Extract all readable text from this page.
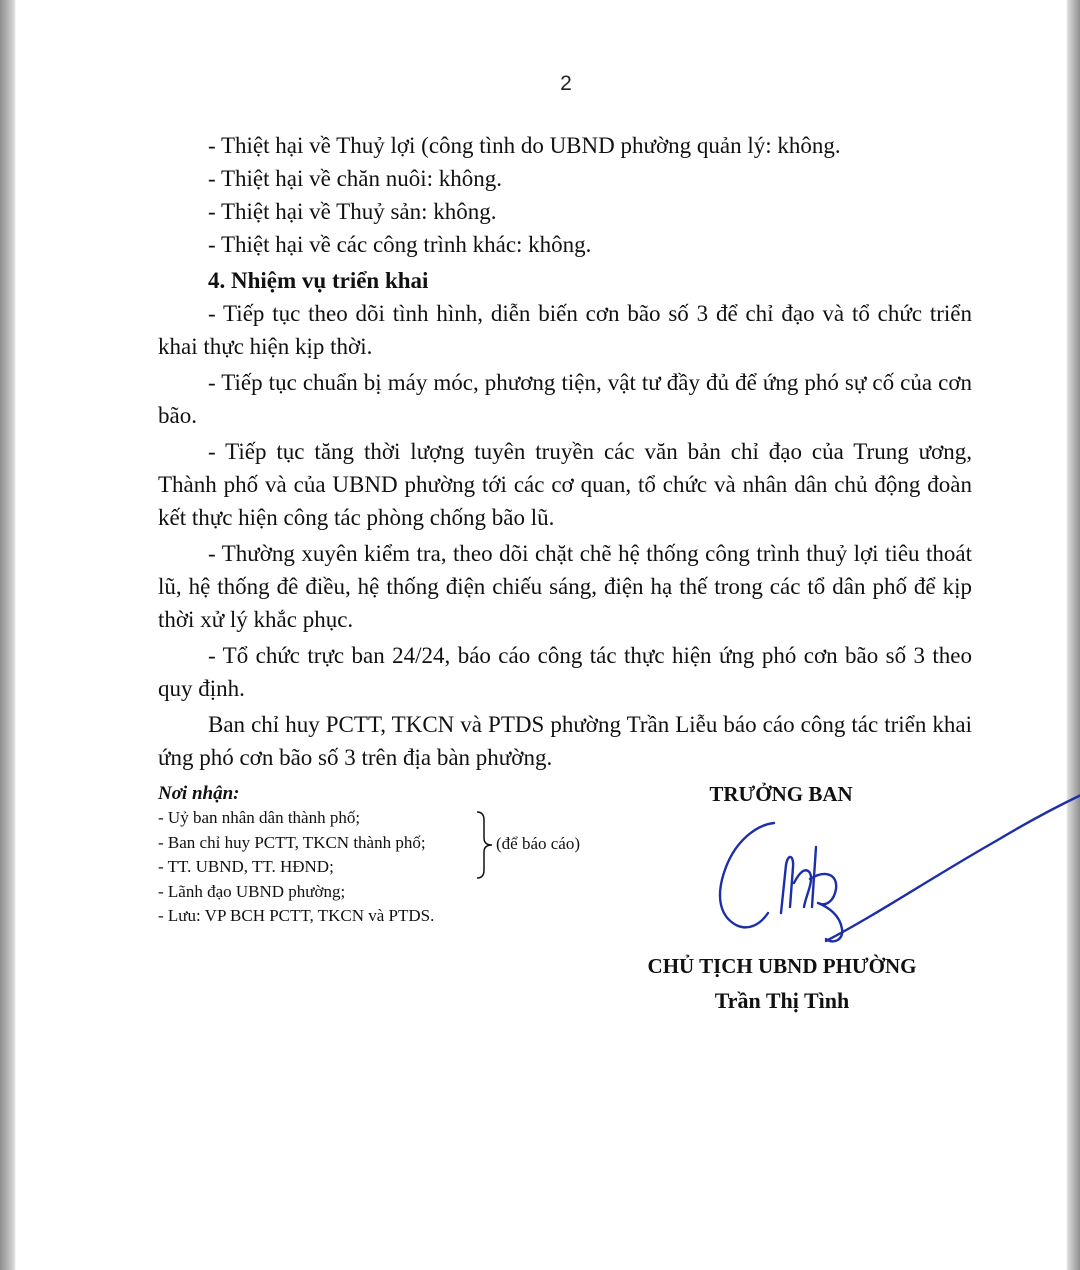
2

- Thiệt hại về Thuỷ lợi (công tình do UBND phường quản lý: không.

- Thiệt hại về chăn nuôi: không.

- Thiệt hại về Thuỷ sản: không.

- Thiệt hại về các công trình khác: không.

4. Nhiệm vụ triển khai

- Tiếp tục theo dõi tình hình, diễn biến cơn bão số 3 để chỉ đạo và tổ chức triển khai thực hiện kịp thời.

- Tiếp tục chuẩn bị máy móc, phương tiện, vật tư đầy đủ để ứng phó sự cố của cơn bão.

- Tiếp tục tăng thời lượng tuyên truyền các văn bản chỉ đạo của Trung ương, Thành phố và của UBND phường tới các cơ quan, tổ chức và nhân dân chủ động đoàn kết thực hiện công tác phòng chống bão lũ.

- Thường xuyên kiểm tra, theo dõi chặt chẽ hệ thống công trình thuỷ lợi tiêu thoát lũ, hệ thống đê điều, hệ thống điện chiếu sáng, điện hạ thế trong các tổ dân phố để kịp thời xử lý khắc phục.

- Tổ chức trực ban 24/24, báo cáo công tác thực hiện ứng phó cơn bão số 3 theo quy định.

Ban chỉ huy PCTT, TKCN và PTDS phường Trần Liễu báo cáo công tác triển khai ứng phó cơn bão số 3 trên địa bàn phường.

Nơi nhận:
- Uỷ ban nhân dân thành phố;
- Ban chỉ huy PCTT, TKCN thành phố;
- TT. UBND, TT. HĐND;
- Lãnh đạo UBND phường;
- Lưu: VP BCH PCTT, TKCN và PTDS.
(để báo cáo)
TRƯỞNG BAN
CHỦ TỊCH UBND PHƯỜNG
Trần Thị Tình
